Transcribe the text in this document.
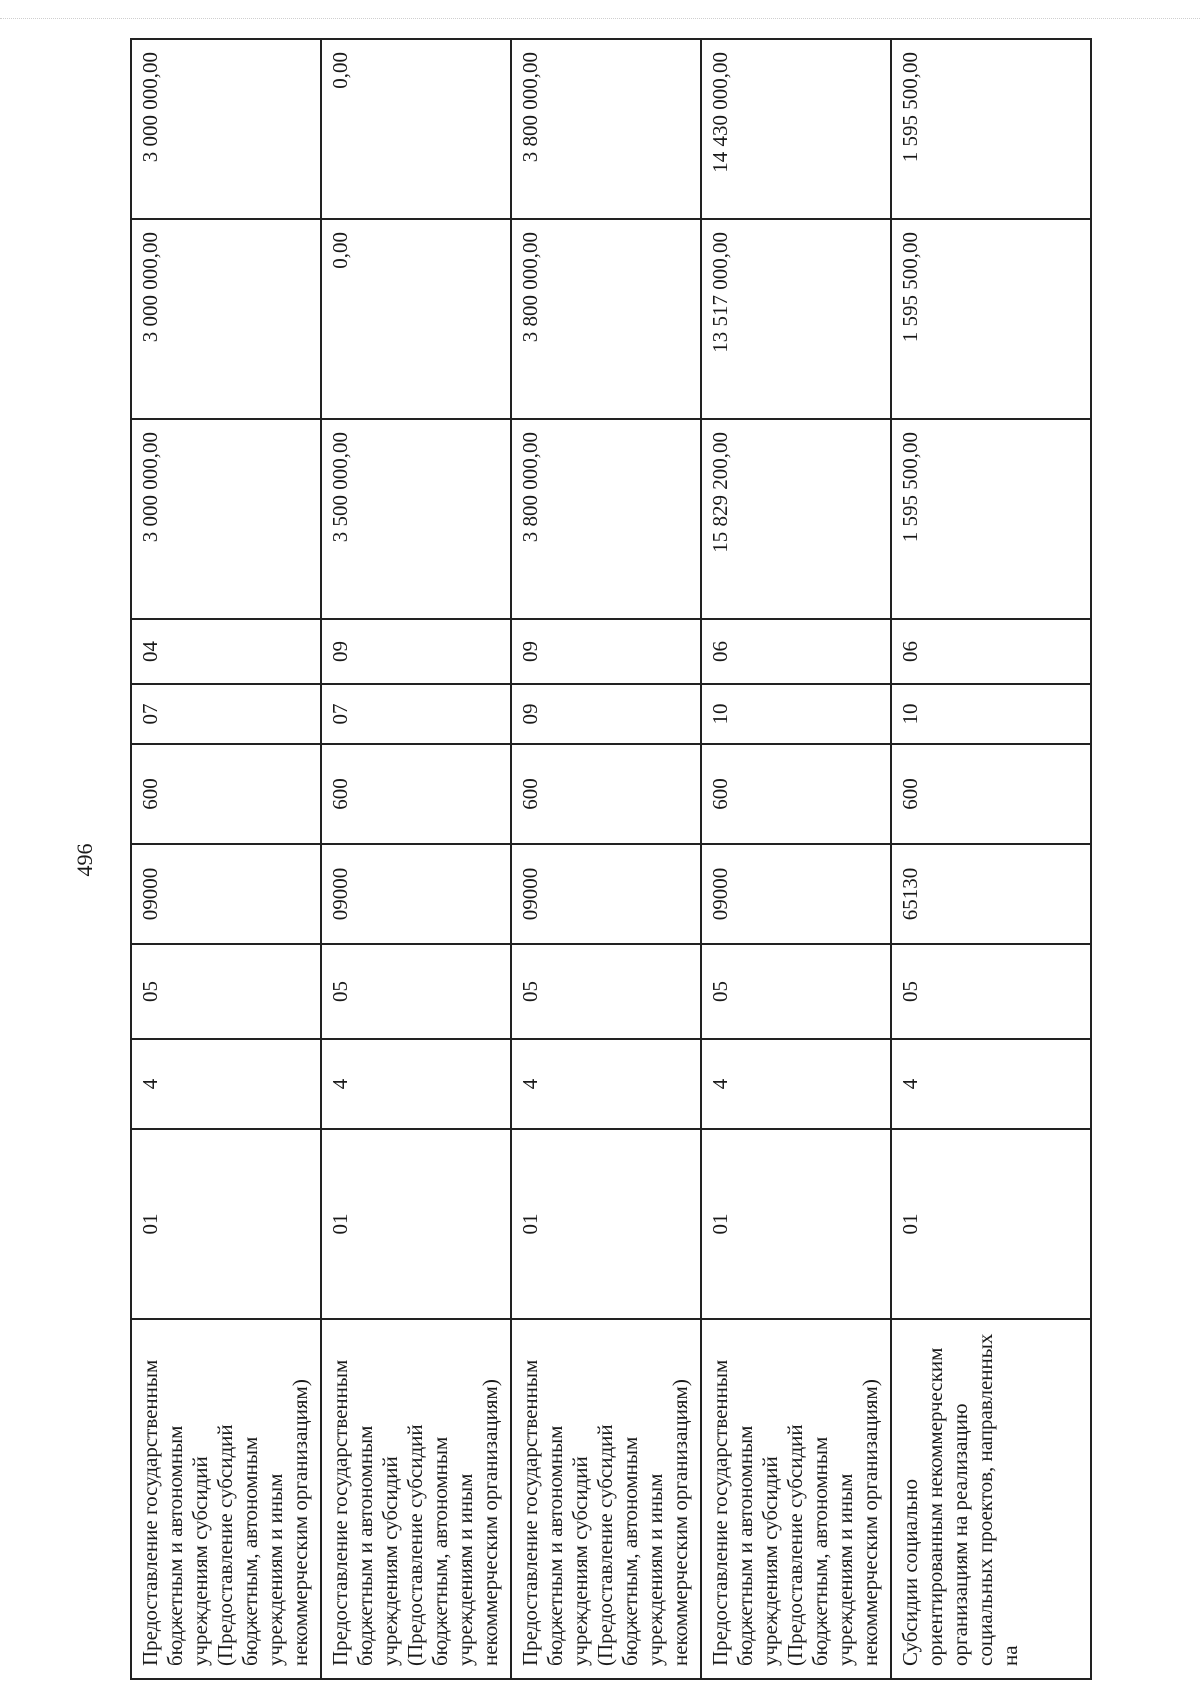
496
Предоставление государственным бюджетным и автономным учреждениям субсидий (Предоставление субсидий бюджетным, автономным учреждениям и иным некоммерческим организациям)	01	4	05	09000	600	07	04	3 000 000,00	3 000 000,00	3 000 000,00
Предоставление государственным бюджетным и автономным учреждениям субсидий (Предоставление субсидий бюджетным, автономным учреждениям и иным некоммерческим организациям)	01	4	05	09000	600	07	09	3 500 000,00	0,00	0,00
Предоставление государственным бюджетным и автономным учреждениям субсидий (Предоставление субсидий бюджетным, автономным учреждениям и иным некоммерческим организациям)	01	4	05	09000	600	09	09	3 800 000,00	3 800 000,00	3 800 000,00
Предоставление государственным бюджетным и автономным учреждениям субсидий (Предоставление субсидий бюджетным, автономным учреждениям и иным некоммерческим организациям)	01	4	05	09000	600	10	06	15 829 200,00	13 517 000,00	14 430 000,00
Субсидии социально ориентированным некоммерческим организациям на реализацию социальных проектов, направленных на	01	4	05	65130	600	10	06	1 595 500,00	1 595 500,00	1 595 500,00
